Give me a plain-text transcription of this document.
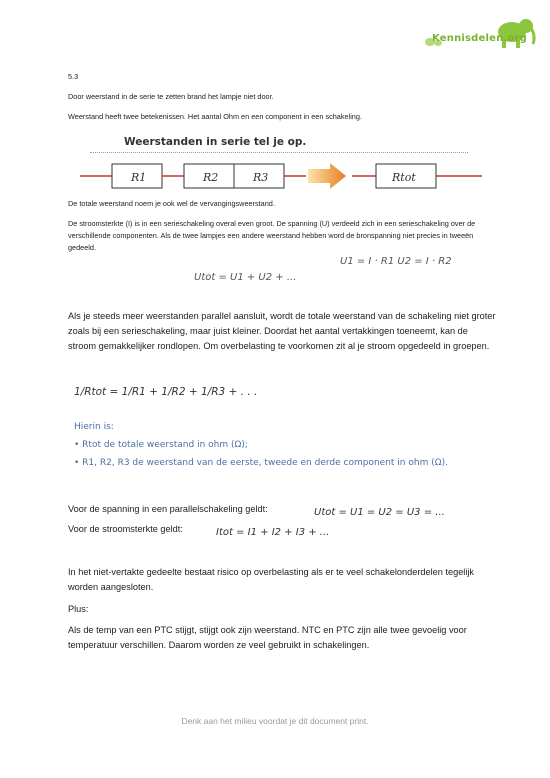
Kennisdelen.org
5.3
Door weerstand in de serie te zetten brand het lampje niet door.
Weerstand heeft twee betekenissen. Het aantal Ohm en een component in een schakeling.
Weerstanden in serie tel je op.
R1	R2	R3	Rtot
De totale weerstand noem je ook wel de vervangingsweerstand.
De stroomsterkte (I) is in een serieschakeling overal even groot. De spanning (U) verdeeld zich in een serieschakeling over de verschillende componenten. Als de twee lampjes een andere weerstand hebben word de bronspanning niet precies in tweeën gedeeld.
U1 = I · R1 U2 = I · R2
Utot = U1 + U2 + ...
Als je steeds meer weerstanden parallel aansluit, wordt de totale weerstand van de schakeling niet groter zoals bij een serieschakeling, maar juist kleiner. Doordat het aantal vertakkingen toeneemt, kan de stroom gemakkelijker rondlopen. Om overbelasting te voorkomen zit al je stroom opgedeeld in groepen.
1/Rtot = 1/R1 + 1/R2 + 1/R3 + . . .
Hierin is:
• Rtot de totale weerstand in ohm (Ω);
• R1, R2, R3 de weerstand van de eerste, tweede en derde component in ohm (Ω).
Voor de spanning in een parallelschakeling geldt:	Utot = U1 = U2 = U3 = ...
Voor de stroomsterkte geldt:	Itot = I1 + I2 + I3 + ...
In het niet-vertakte gedeelte bestaat risico op overbelasting als er te veel schakelonderdelen tegelijk worden aangesloten.
Plus:
Als de temp van een PTC stijgt, stijgt ook zijn weerstand. NTC en PTC zijn alle twee gevoelig voor temperatuur verschillen. Daarom worden ze veel gebruikt in schakelingen.
Denk aan het milieu voordat je dit document print.
